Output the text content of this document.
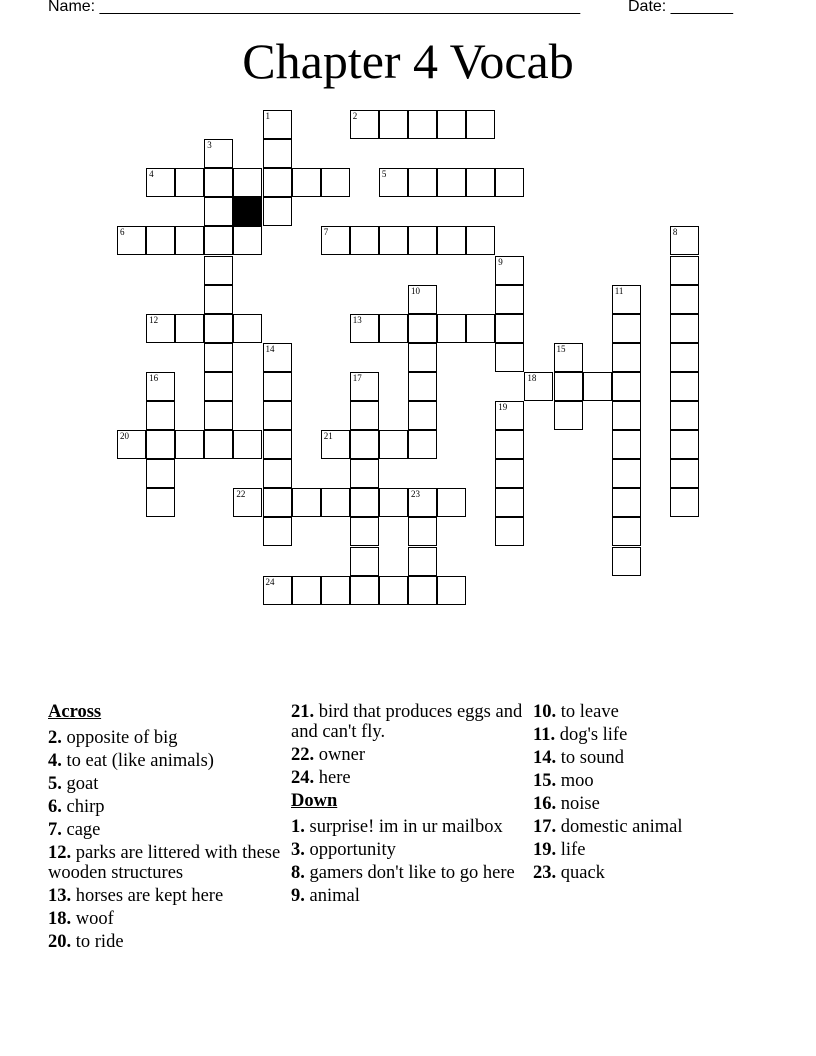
Name: ______________________________________________________	Date: _______
Chapter 4 Vocab
1	2
3
4	5
6	7	8
9
10	11
12	13
14	15
16	17	18
19
20	21
22	23
24
Across
2. opposite of big
4. to eat (like animals)
5. goat
6. chirp
7. cage
12. parks are littered with these wooden structures
13. horses are kept here
18. woof
20. to ride
21. bird that produces eggs and and can't fly.
22. owner
24. here
Down
1. surprise! im in ur mailbox
3. opportunity
8. gamers don't like to go here
9. animal
10. to leave
11. dog's life
14. to sound
15. moo
16. noise
17. domestic animal
19. life
23. quack
